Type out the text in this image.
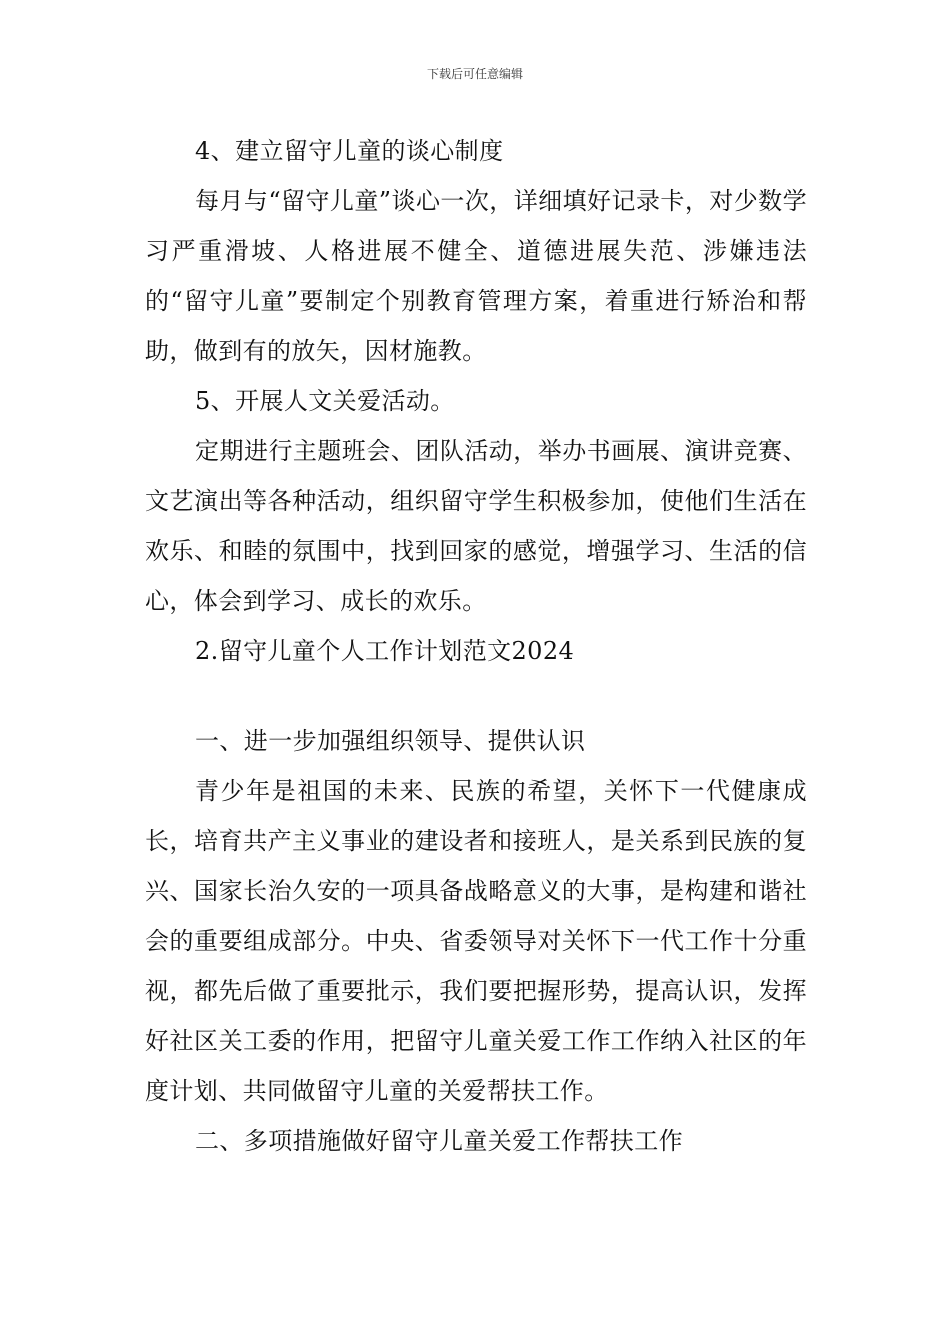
下载后可任意编辑

4、建立留守儿童的谈心制度

每月与“留守儿童”谈心一次，详细填好记录卡，对少数学习严重滑坡、人格进展不健全、道德进展失范、涉嫌违法的“留守儿童”要制定个别教育管理方案，着重进行矫治和帮助，做到有的放矢，因材施教。

5、开展人文关爱活动。

定期进行主题班会、团队活动，举办书画展、演讲竞赛、文艺演出等各种活动，组织留守学生积极参加，使他们生活在欢乐、和睦的氛围中，找到回家的感觉，增强学习、生活的信心，体会到学习、成长的欢乐。

2.留守儿童个人工作计划范文2024

一、进一步加强组织领导、提供认识

青少年是祖国的未来、民族的希望，关怀下一代健康成长，培育共产主义事业的建设者和接班人，是关系到民族的复兴、国家长治久安的一项具备战略意义的大事，是构建和谐社会的重要组成部分。中央、省委领导对关怀下一代工作十分重视，都先后做了重要批示，我们要把握形势，提高认识，发挥好社区关工委的作用，把留守儿童关爱工作工作纳入社区的年度计划、共同做留守儿童的关爱帮扶工作。

二、多项措施做好留守儿童关爱工作帮扶工作
